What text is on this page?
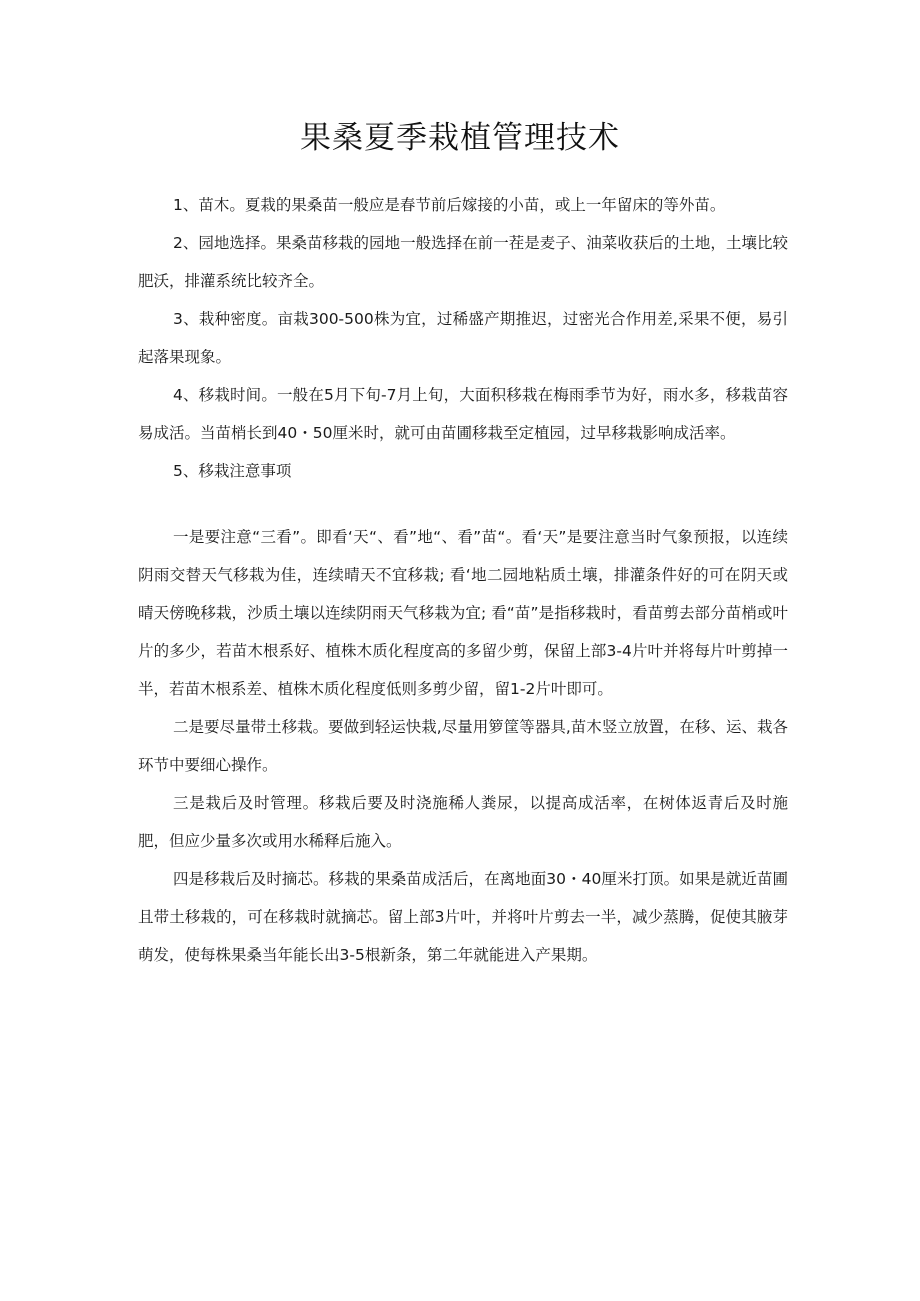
果桑夏季栽植管理技术

1、苗木。夏栽的果桑苗一般应是春节前后嫁接的小苗，或上一年留床的等外苗。

2、园地选择。果桑苗移栽的园地一般选择在前一茬是麦子、油菜收获后的土地，土壤比较肥沃，排灌系统比较齐全。

3、栽种密度。亩栽300-500株为宜，过稀盛产期推迟，过密光合作用差,采果不便，易引起落果现象。

4、移栽时间。一般在5月下旬-7月上旬，大面积移栽在梅雨季节为好，雨水多，移栽苗容易成活。当苗梢长到40・50厘米时，就可由苗圃移栽至定植园，过早移栽影响成活率。

5、移栽注意事项

一是要注意“三看”。即看‘天“、看”地“、看”苗“。看‘天”是要注意当时气象预报，以连续阴雨交替天气移栽为佳，连续晴天不宜移栽; 看‘地二园地粘质土壤，排灌条件好的可在阴天或晴天傍晚移栽，沙质土壤以连续阴雨天气移栽为宜; 看“苗”是指移栽时，看苗剪去部分苗梢或叶片的多少，若苗木根系好、植株木质化程度高的多留少剪，保留上部3-4片叶并将每片叶剪掉一半，若苗木根系差、植株木质化程度低则多剪少留，留1-2片叶即可。

二是要尽量带土移栽。要做到轻运快栽,尽量用箩筐等器具,苗木竖立放置，在移、运、栽各环节中要细心操作。

三是栽后及时管理。移栽后要及时浇施稀人粪尿，以提高成活率，在树体返青后及时施肥，但应少量多次或用水稀释后施入。

四是移栽后及时摘芯。移栽的果桑苗成活后，在离地面30・40厘米打顶。如果是就近苗圃且带土移栽的，可在移栽时就摘芯。留上部3片叶，并将叶片剪去一半，减少蒸腾，促使其腋芽萌发，使每株果桑当年能长出3-5根新条，第二年就能进入产果期。
